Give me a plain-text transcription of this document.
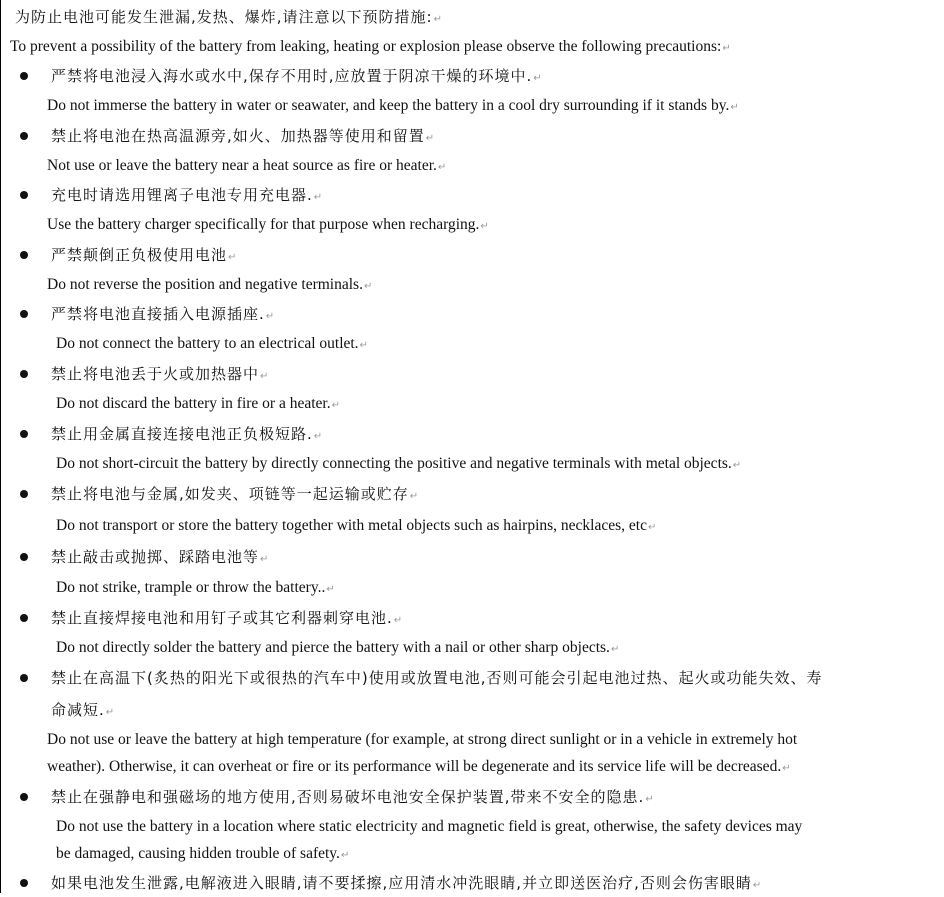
为防止电池可能发生泄漏,发热、爆炸,请注意以下预防措施:↵
To prevent a possibility of the battery from leaking, heating or explosion please observe the following precautions:↵
严禁将电池浸入海水或水中,保存不用时,应放置于阴凉干燥的环境中.↵
Do not immerse the battery in water or seawater, and keep the battery in a cool dry surrounding if it stands by.↵
禁止将电池在热高温源旁,如火、加热器等使用和留置↵
Not use or leave the battery near a heat source as fire or heater.↵
充电时请选用锂离子电池专用充电器.↵
Use the battery charger specifically for that purpose when recharging.↵
严禁颠倒正负极使用电池↵
Do not reverse the position and negative terminals.↵
严禁将电池直接插入电源插座.↵
Do not connect the battery to an electrical outlet.↵
禁止将电池丢于火或加热器中↵
Do not discard the battery in fire or a heater.↵
禁止用金属直接连接电池正负极短路.↵
Do not short-circuit the battery by directly connecting the positive and negative terminals with metal objects.↵
禁止将电池与金属,如发夹、项链等一起运输或贮存↵
Do not transport or store the battery together with metal objects such as hairpins, necklaces, etc↵
禁止敲击或抛掷、踩踏电池等↵
Do not strike, trample or throw the battery..↵
禁止直接焊接电池和用钉子或其它利器刺穿电池.↵
Do not directly solder the battery and pierce the battery with a nail or other sharp objects.↵
禁止在高温下(炙热的阳光下或很热的汽车中)使用或放置电池,否则可能会引起电池过热、起火或功能失效、寿
命减短.↵
Do not use or leave the battery at high temperature (for example, at strong direct sunlight or in a vehicle in extremely hot
weather). Otherwise, it can overheat or fire or its performance will be degenerate and its service life will be decreased.↵
禁止在强静电和强磁场的地方使用,否则易破坏电池安全保护装置,带来不安全的隐患.↵
Do not use the battery in a location where static electricity and magnetic field is great, otherwise, the safety devices may
be damaged, causing hidden trouble of safety.↵
如果电池发生泄露,电解液进入眼睛,请不要揉擦,应用清水冲洗眼睛,并立即送医治疗,否则会伤害眼睛↵
